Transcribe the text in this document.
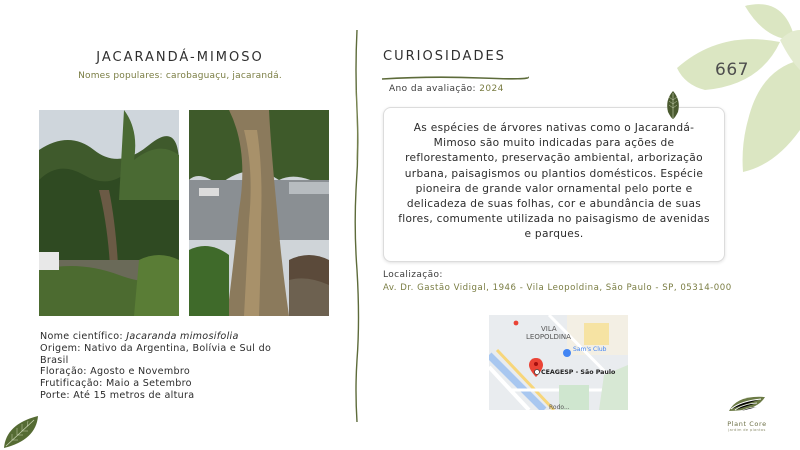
JACARANDÁ-MIMOSO
Nomes populares: carobaguaçu, jacarandá.
Nome científico: Jacaranda mimosifolia
Origem: Nativo da Argentina, Bolívia e Sul do Brasil
Floração: Agosto e Novembro
Frutificação: Maio a Setembro
Porte: Até 15 metros de altura
CURIOSIDADES
Ano da avaliação: 2024
As espécies de árvores nativas como o Jacarandá-Mimoso são muito indicadas para ações de reflorestamento, preservação ambiental, arborização urbana, paisagismos ou plantios domésticos. Espécie pioneira de grande valor ornamental pelo porte e delicadeza de suas folhas, cor e abundância de suas flores, comumente utilizada no paisagismo de avenidas e parques.
Localização:
Av. Dr. Gastão Vidigal, 1946 - Vila Leopoldina, São Paulo - SP, 05314-000
VILA
LEOPOLDINA
Sam's Club
CEAGESP - São Paulo
Rodo...
667
Plant Core
jardim de plantas
